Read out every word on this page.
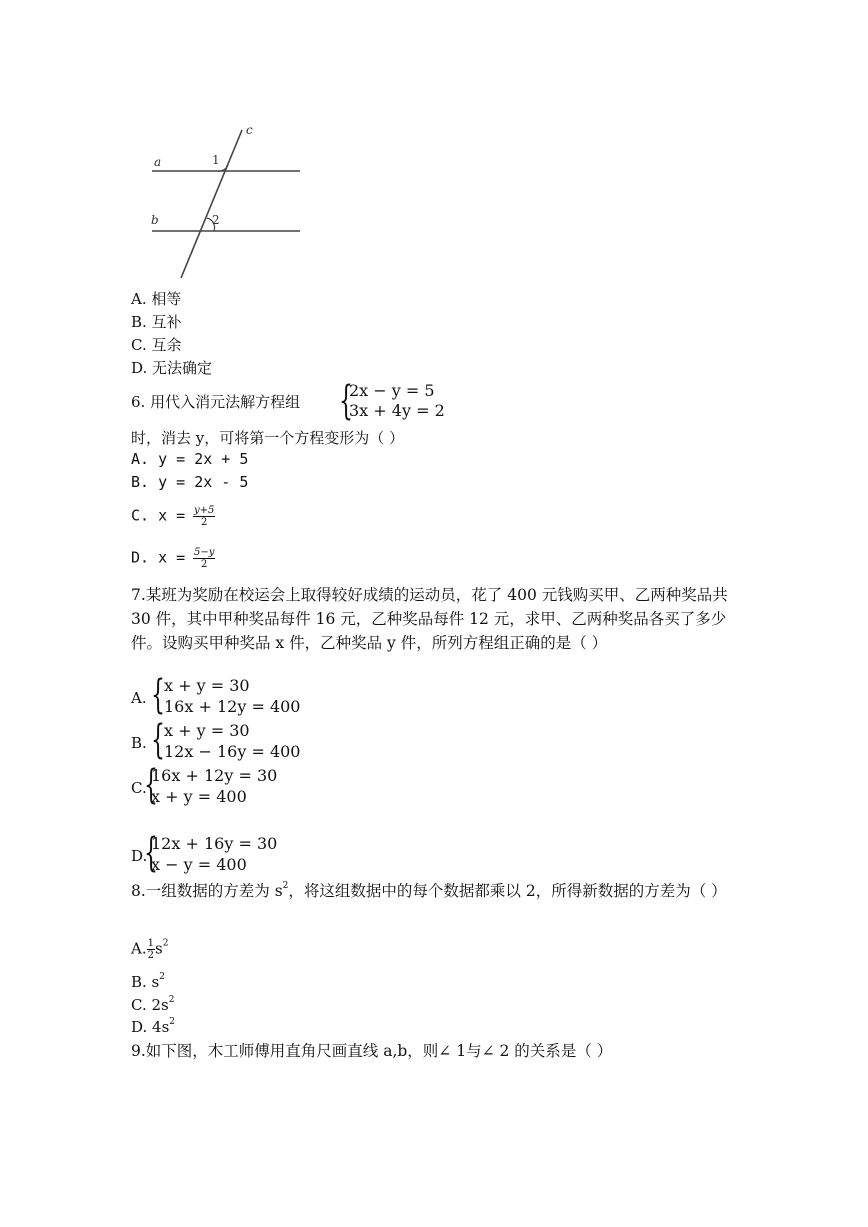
c
a
b
1
2
A. 相等
B. 互补
C. 互余
D. 无法确定
6. 用代入消元法解方程组 {
2x − y = 5
3x + 4y = 2
时，消去 y，可将第一个方程变形为（ ）
A. y = 2x + 5
B. y = 2x - 5
C. $x = \frac{y+5}{2}$
D. $x = \frac{5-y}{2}$
7.某班为奖励在校运会上取得较好成绩的运动员，花了 400 元钱购买甲、乙两种奖品共 30 件，其中甲种奖品每件 16 元，乙种奖品每件 12 元，求甲、乙两种奖品各买了多少件。设购买甲种奖品 x 件，乙种奖品 y 件，所列方程组正确的是（ ）
A. { x + y = 30
16x + 12y = 400
B. { x + y = 30
12x − 16y = 400
C.
{
16x + 12y = 30
x + y = 400
D.
{
12x + 16y = 30
x − y = 400
8.一组数据的方差为 $s^2$，将这组数据中的每个数据都乘以 2，所得新数据的方差为（ ）
A. $\frac{1}{2} s^2$
B. $s^2$
C. $2s^2$
D. $4s^2$
9.如下图，木工师傅用直角尺画直线 a,b，则∠ 1与∠ 2 的关系是（ ）
